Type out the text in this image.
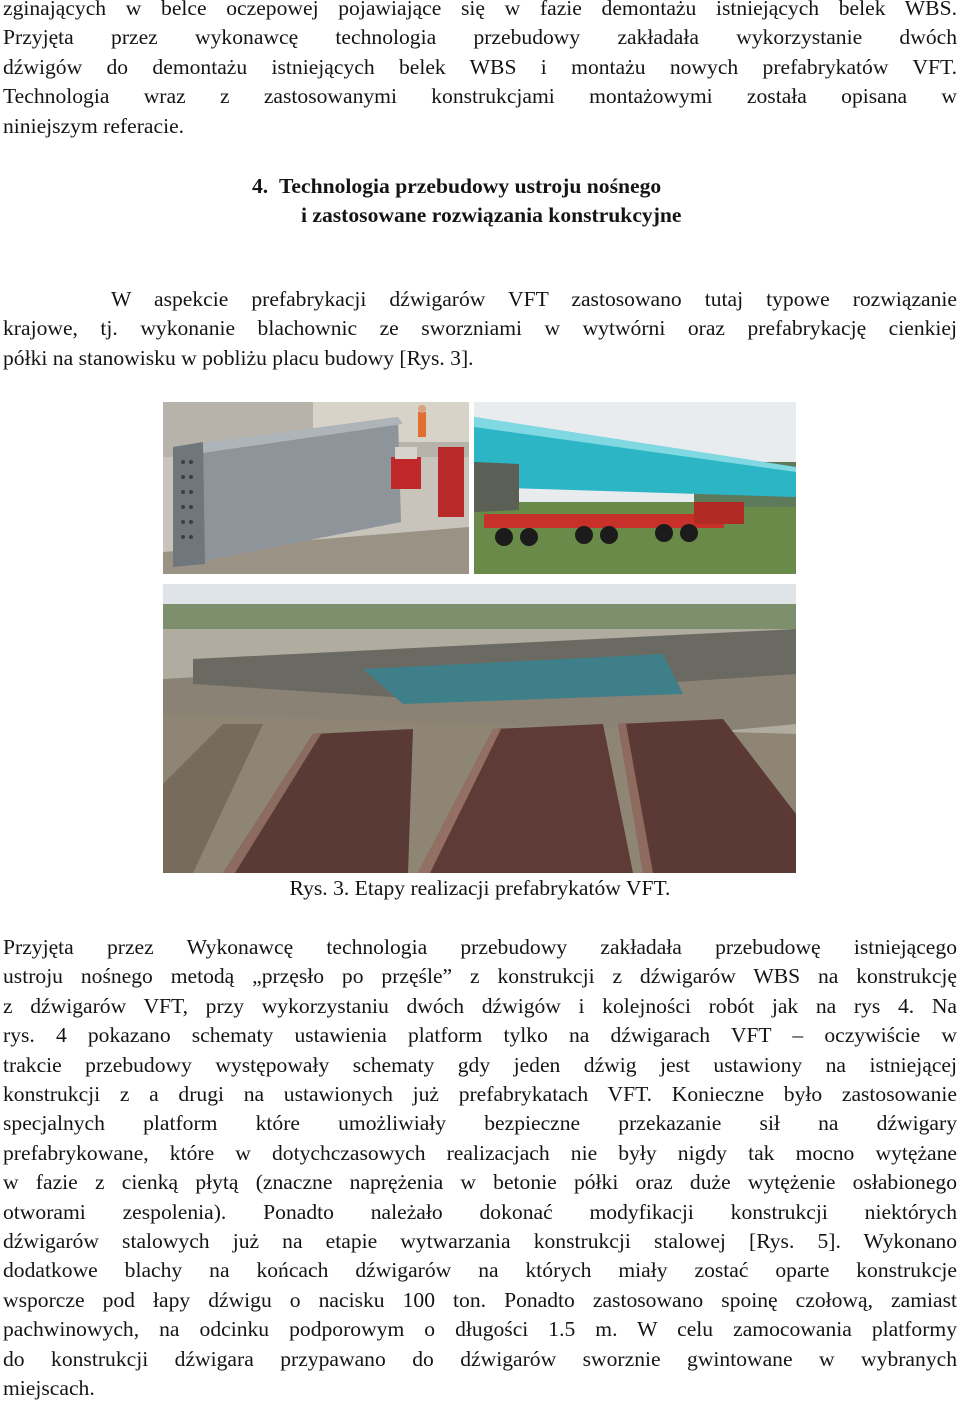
zginających w belce oczepowej pojawiające się w fazie demontażu istniejących belek WBS.
Przyjęta przez wykonawcę technologia przebudowy zakładała wykorzystanie dwóch
dźwigów do demontażu istniejących belek WBS i montażu nowych prefabrykatów VFT.
Technologia wraz z zastosowanymi konstrukcjami montażowymi została opisana w
niniejszym referacie.
4. Technologia przebudowy ustroju nośnego
i zastosowane rozwiązania konstrukcyjne
W aspekcie prefabrykacji dźwigarów VFT zastosowano tutaj typowe rozwiązanie
krajowe, tj. wykonanie blachownic ze sworzniami w wytwórni oraz prefabrykację cienkiej
półki na stanowisku w pobliżu placu budowy [Rys. 3].
Rys. 3. Etapy realizacji prefabrykatów VFT.
Przyjęta przez Wykonawcę technologia przebudowy zakładała przebudowę istniejącego
ustroju nośnego metodą „przęsło po przęśle” z konstrukcji z dźwigarów WBS na konstrukcję
z dźwigarów VFT, przy wykorzystaniu dwóch dźwigów i kolejności robót jak na rys 4. Na
rys. 4 pokazano schematy ustawienia platform tylko na dźwigarach VFT – oczywiście w
trakcie przebudowy występowały schematy gdy jeden dźwig jest ustawiony na istniejącej
konstrukcji z a drugi na ustawionych już prefabrykatach VFT. Konieczne było zastosowanie
specjalnych platform które umożliwiały bezpieczne przekazanie sił na dźwigary
prefabrykowane, które w dotychczasowych realizacjach nie były nigdy tak mocno wytężane
w fazie z cienką płytą (znaczne naprężenia w betonie półki oraz duże wytężenie osłabionego
otworami zespolenia). Ponadto należało dokonać modyfikacji konstrukcji niektórych
dźwigarów stalowych już na etapie wytwarzania konstrukcji stalowej [Rys. 5]. Wykonano
dodatkowe blachy na końcach dźwigarów na których miały zostać oparte konstrukcje
wsporcze pod łapy dźwigu o nacisku 100 ton. Ponadto zastosowano spoinę czołową, zamiast
pachwinowych, na odcinku podporowym o długości 1.5 m. W celu zamocowania platformy
do konstrukcji dźwigara przypawano do dźwigarów sworznie gwintowane w wybranych
miejscach.
